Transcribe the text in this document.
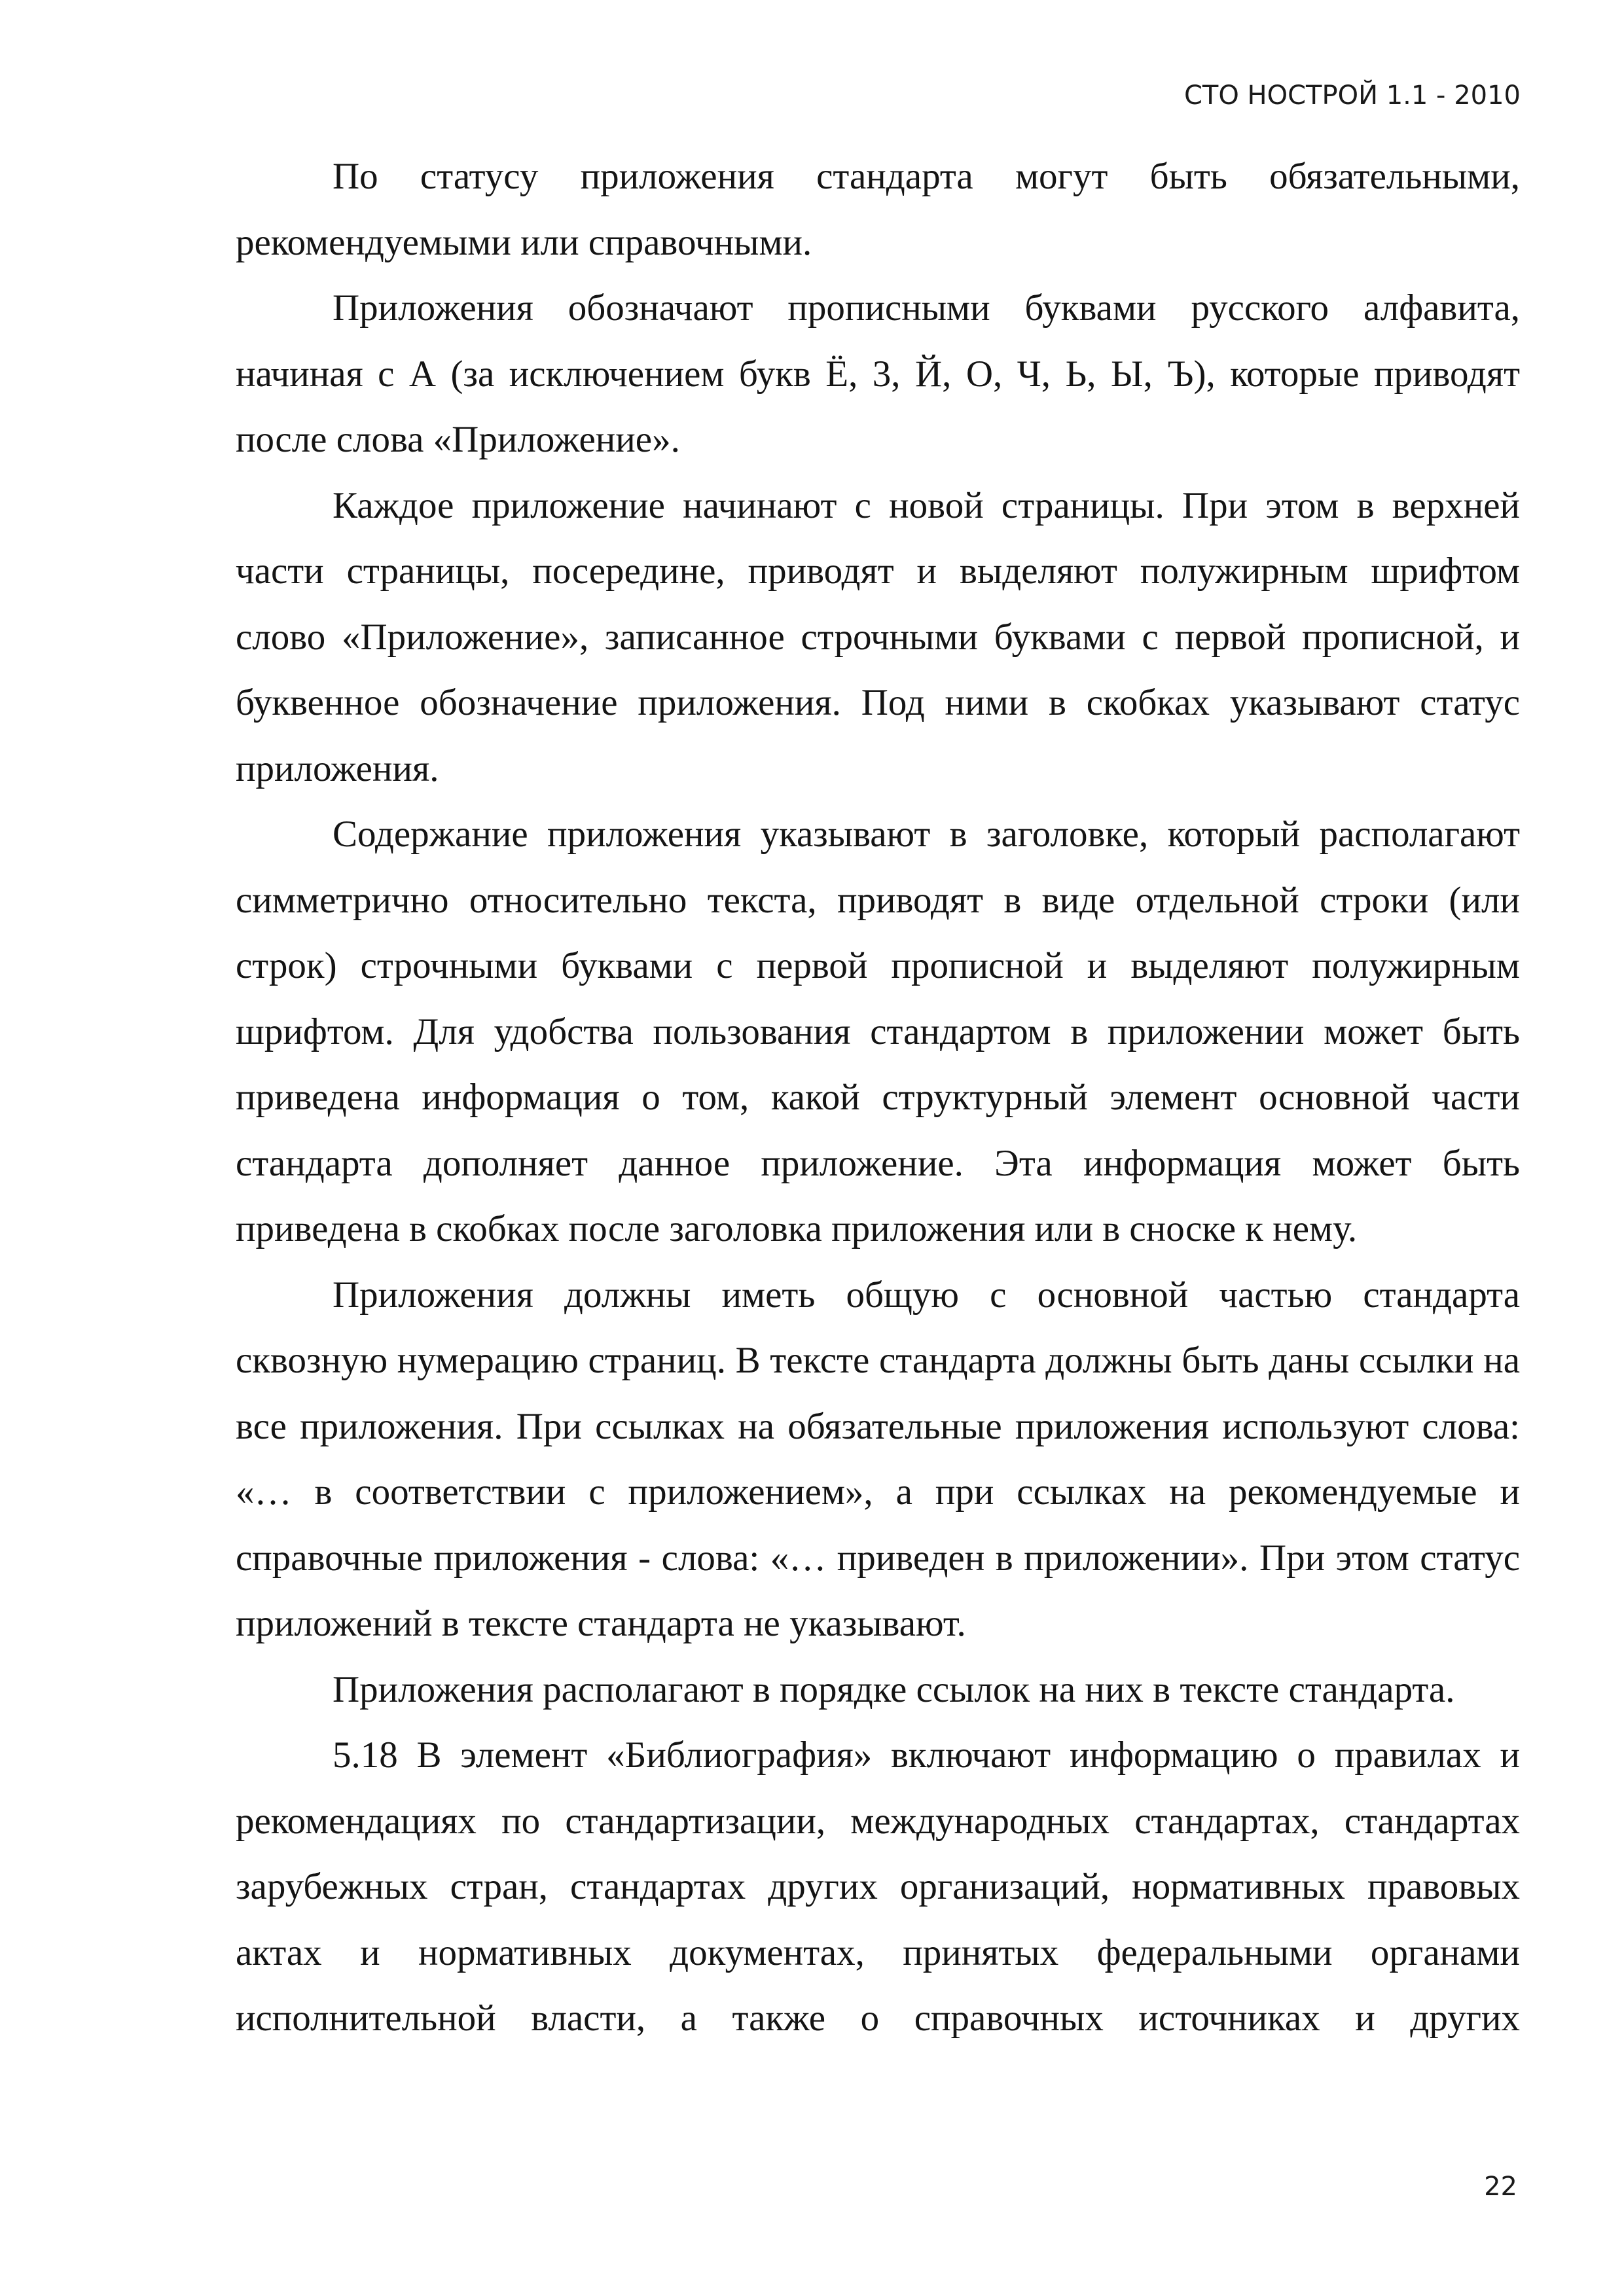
СТО НОСТРОЙ 1.1 - 2010

По статусу приложения стандарта могут быть обязательными, рекомендуемыми или справочными.

Приложения обозначают прописными буквами русского алфавита, начиная с А (за исключением букв Ё, 3, Й, О, Ч, Ь, Ы, Ъ), которые приводят после слова «Приложение».

Каждое приложение начинают с новой страницы. При этом в верхней части страницы, посередине, приводят и выделяют полужирным шрифтом слово «Приложение», записанное строчными буквами с первой прописной, и буквенное обозначение приложения. Под ними в скобках указывают статус приложения.

Содержание приложения указывают в заголовке, который располагают симметрично относительно текста, приводят в виде отдельной строки (или строк) строчными буквами с первой прописной и выделяют полужирным шрифтом. Для удобства пользования стандартом в приложении может быть приведена информация о том, какой структурный элемент основной части стандарта дополняет данное приложение. Эта информация может быть приведена в скобках после заголовка приложения или в сноске к нему.

Приложения должны иметь общую с основной частью стандарта сквозную нумерацию страниц. В тексте стандарта должны быть даны ссылки на все приложения. При ссылках на обязательные приложения используют слова: «… в соответствии с приложением», а при ссылках на рекомендуемые и справочные приложения - слова: «… приведен в приложении». При этом статус приложений в тексте стандарта не указывают.

Приложения располагают в порядке ссылок на них в тексте стандарта.

5.18 В элемент «Библиография» включают информацию о правилах и рекомендациях по стандартизации, международных стандартах, стандартах зарубежных стран, стандартах других организаций, нормативных правовых актах и нормативных документах, принятых федеральными органами исполнительной власти, а также о справочных источниках и других

22
